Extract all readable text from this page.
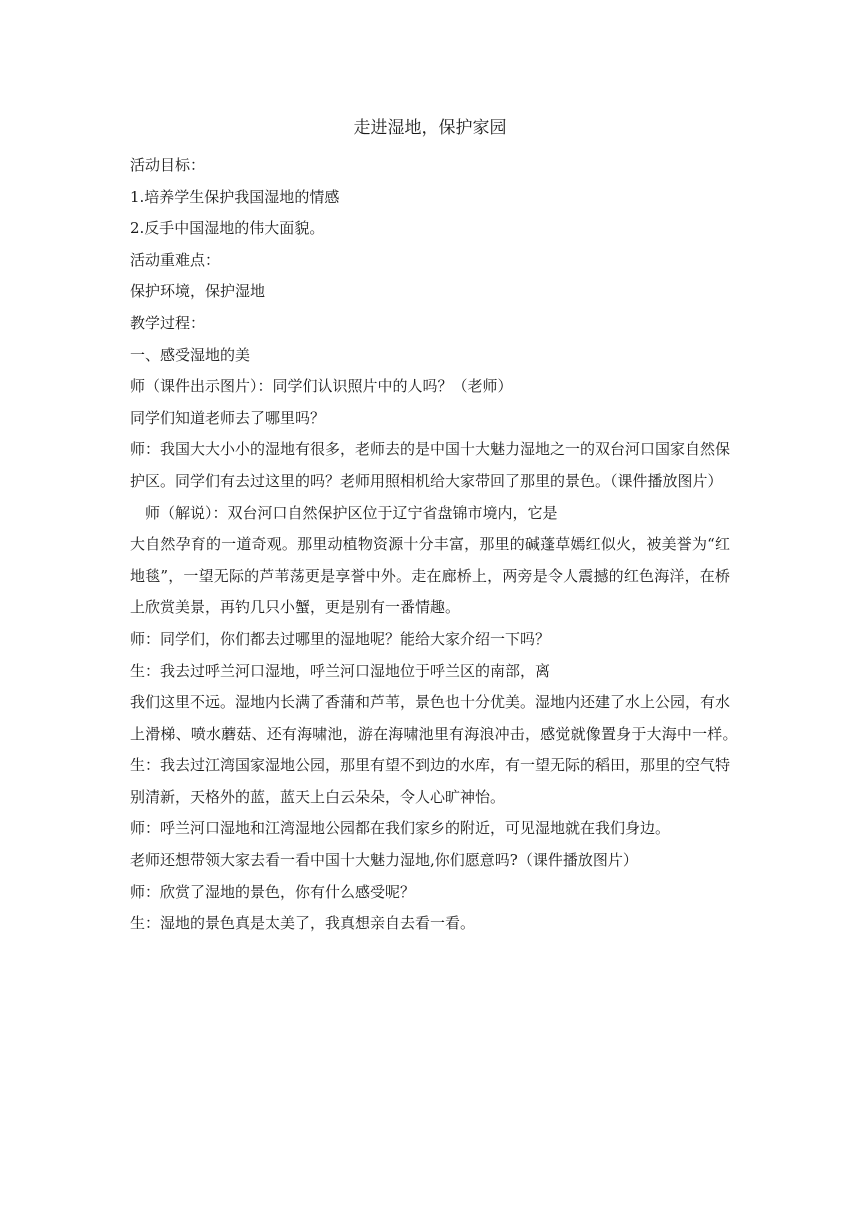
走进湿地，保护家园

活动目标：

1.培养学生保护我国湿地的情感

2.反手中国湿地的伟大面貌。

活动重难点：

保护环境，保护湿地

教学过程：

一、感受湿地的美

师（课件出示图片）：同学们认识照片中的人吗？（老师）

同学们知道老师去了哪里吗？

师：我国大大小小的湿地有很多，老师去的是中国十大魅力湿地之一的双台河口国家自然保护区。同学们有去过这里的吗？老师用照相机给大家带回了那里的景色。（课件播放图片）

师（解说）：双台河口自然保护区位于辽宁省盘锦市境内，它是

大自然孕育的一道奇观。那里动植物资源十分丰富，那里的碱蓬草嫣红似火，被美誉为“红地毯”，一望无际的芦苇荡更是享誉中外。走在廊桥上，两旁是令人震撼的红色海洋，在桥上欣赏美景，再钓几只小蟹，更是别有一番情趣。

师：同学们，你们都去过哪里的湿地呢？能给大家介绍一下吗？

生：我去过呼兰河口湿地，呼兰河口湿地位于呼兰区的南部，离

我们这里不远。湿地内长满了香蒲和芦苇，景色也十分优美。湿地内还建了水上公园，有水上滑梯、喷水蘑菇、还有海啸池，游在海啸池里有海浪冲击，感觉就像置身于大海中一样。　生：我去过江湾国家湿地公园，那里有望不到边的水库，有一望无际的稻田，那里的空气特别清新，天格外的蓝，蓝天上白云朵朵，令人心旷神怡。

师：呼兰河口湿地和江湾湿地公园都在我们家乡的附近，可见湿地就在我们身边。

老师还想带领大家去看一看中国十大魅力湿地,你们愿意吗?（课件播放图片）

师：欣赏了湿地的景色，你有什么感受呢？

生：湿地的景色真是太美了，我真想亲自去看一看。
